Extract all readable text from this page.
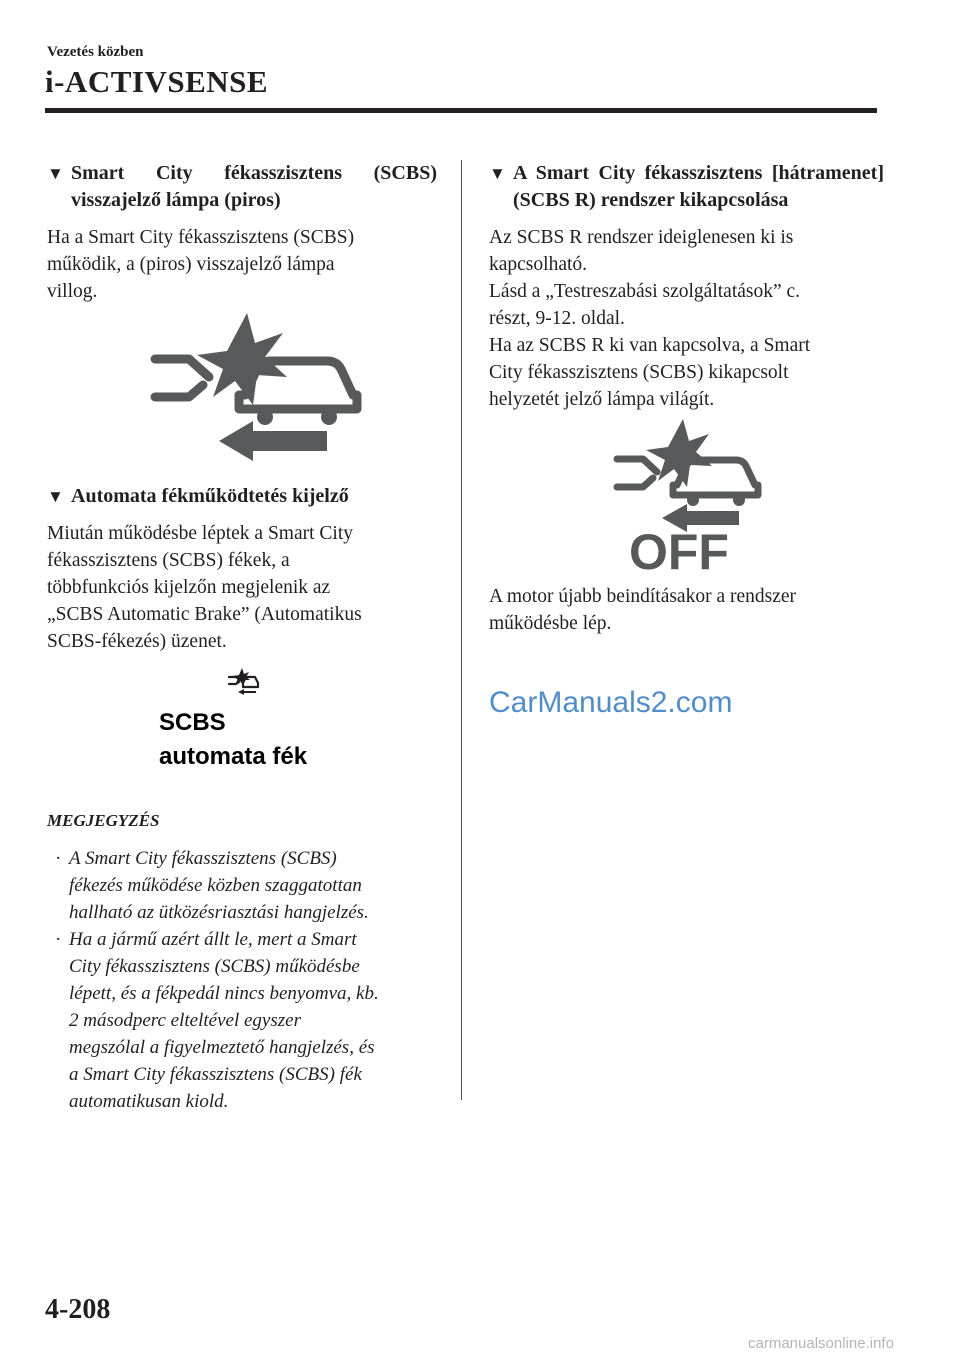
Vezetés közben
i-ACTIVSENSE
▼ Smart City fékasszisztens (SCBS) visszajelző lámpa (piros)
Ha a Smart City fékasszisztens (SCBS)
működik, a (piros) visszajelző lámpa
villog.
▼ Automata fékműködtetés kijelző
Miután működésbe léptek a Smart City
fékasszisztens (SCBS) fékek, a
többfunkciós kijelzőn megjelenik az
„SCBS Automatic Brake” (Automatikus
SCBS-fékezés) üzenet.
SCBS
automata fék
MEGJEGYZÉS
· A Smart City fékasszisztens (SCBS)
fékezés működése közben szaggatottan
hallható az ütközésriasztási hangjelzés.
· Ha a jármű azért állt le, mert a Smart
City fékasszisztens (SCBS) működésbe
lépett, és a fékpedál nincs benyomva, kb.
2 másodperc elteltével egyszer
megszólal a figyelmeztető hangjelzés, és
a Smart City fékasszisztens (SCBS) fék
automatikusan kiold.
▼ A Smart City fékasszisztens [hátramenet] (SCBS R) rendszer kikapcsolása
Az SCBS R rendszer ideiglenesen ki is
kapcsolható.
Lásd a „Testreszabási szolgáltatások” c.
részt, 9-12. oldal.
Ha az SCBS R ki van kapcsolva, a Smart
City fékasszisztens (SCBS) kikapcsolt
helyzetét jelző lámpa világít.
OFF
A motor újabb beindításakor a rendszer
működésbe lép.
CarManuals2.com
4-208
carmanualsonline.info
